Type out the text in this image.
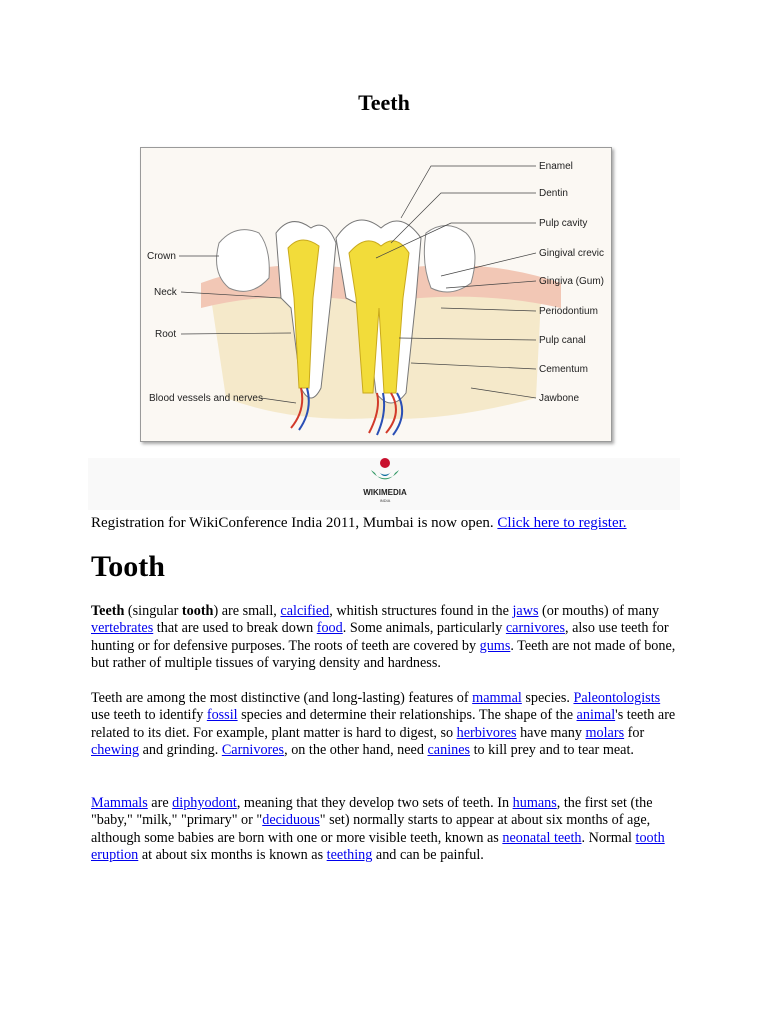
Teeth
Enamel
Dentin
Pulp cavity
Gingival crevic
Gingiva (Gum)
Periodontium
Pulp canal
Cementum
Jawbone
Crown
Neck
Root
Blood vessels and nerves
WIKIMEDIA
INDIA
Registration for WikiConference India 2011, Mumbai is now open. Click here to register.
Tooth

Teeth (singular tooth) are small, calcified, whitish structures found in the jaws (or mouths) of many vertebrates that are used to break down food. Some animals, particularly carnivores, also use teeth for hunting or for defensive purposes. The roots of teeth are covered by gums. Teeth are not made of bone, but rather of multiple tissues of varying density and hardness.

Teeth are among the most distinctive (and long-lasting) features of mammal species. Paleontologists use teeth to identify fossil species and determine their relationships. The shape of the animal's teeth are related to its diet. For example, plant matter is hard to digest, so herbivores have many molars for chewing and grinding. Carnivores, on the other hand, need canines to kill prey and to tear meat.

Mammals are diphyodont, meaning that they develop two sets of teeth. In humans, the first set (the "baby," "milk," "primary" or "deciduous" set) normally starts to appear at about six months of age, although some babies are born with one or more visible teeth, known as neonatal teeth. Normal tooth eruption at about six months is known as teething and can be painful.
